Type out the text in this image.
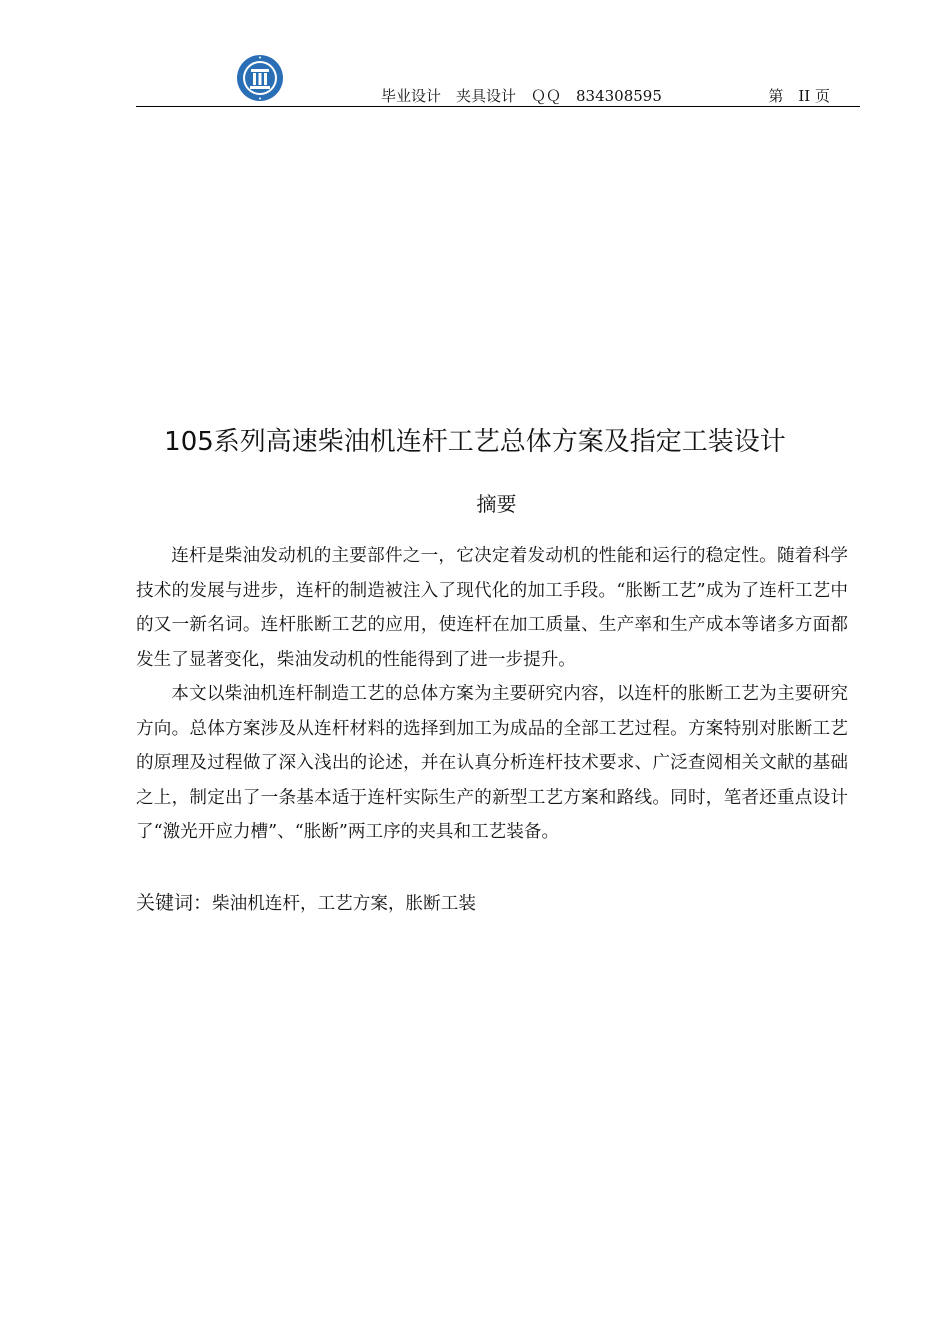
毕业设计　夹具设计　ＱＱ　834308595	第　II 页
105系列高速柴油机连杆工艺总体方案及指定工装设计
摘要

连杆是柴油发动机的主要部件之一，它决定着发动机的性能和运行的稳定性。随着科学技术的发展与进步，连杆的制造被注入了现代化的加工手段。“胀断工艺”成为了连杆工艺中的又一新名词。连杆胀断工艺的应用，使连杆在加工质量、生产率和生产成本等诸多方面都发生了显著变化，柴油发动机的性能得到了进一步提升。

本文以柴油机连杆制造工艺的总体方案为主要研究内容，以连杆的胀断工艺为主要研究方向。总体方案涉及从连杆材料的选择到加工为成品的全部工艺过程。方案特别对胀断工艺的原理及过程做了深入浅出的论述，并在认真分析连杆技术要求、广泛查阅相关文献的基础之上，制定出了一条基本适于连杆实际生产的新型工艺方案和路线。同时，笔者还重点设计了“激光开应力槽”、“胀断”两工序的夹具和工艺装备。

关键词：柴油机连杆，工艺方案，胀断工装
